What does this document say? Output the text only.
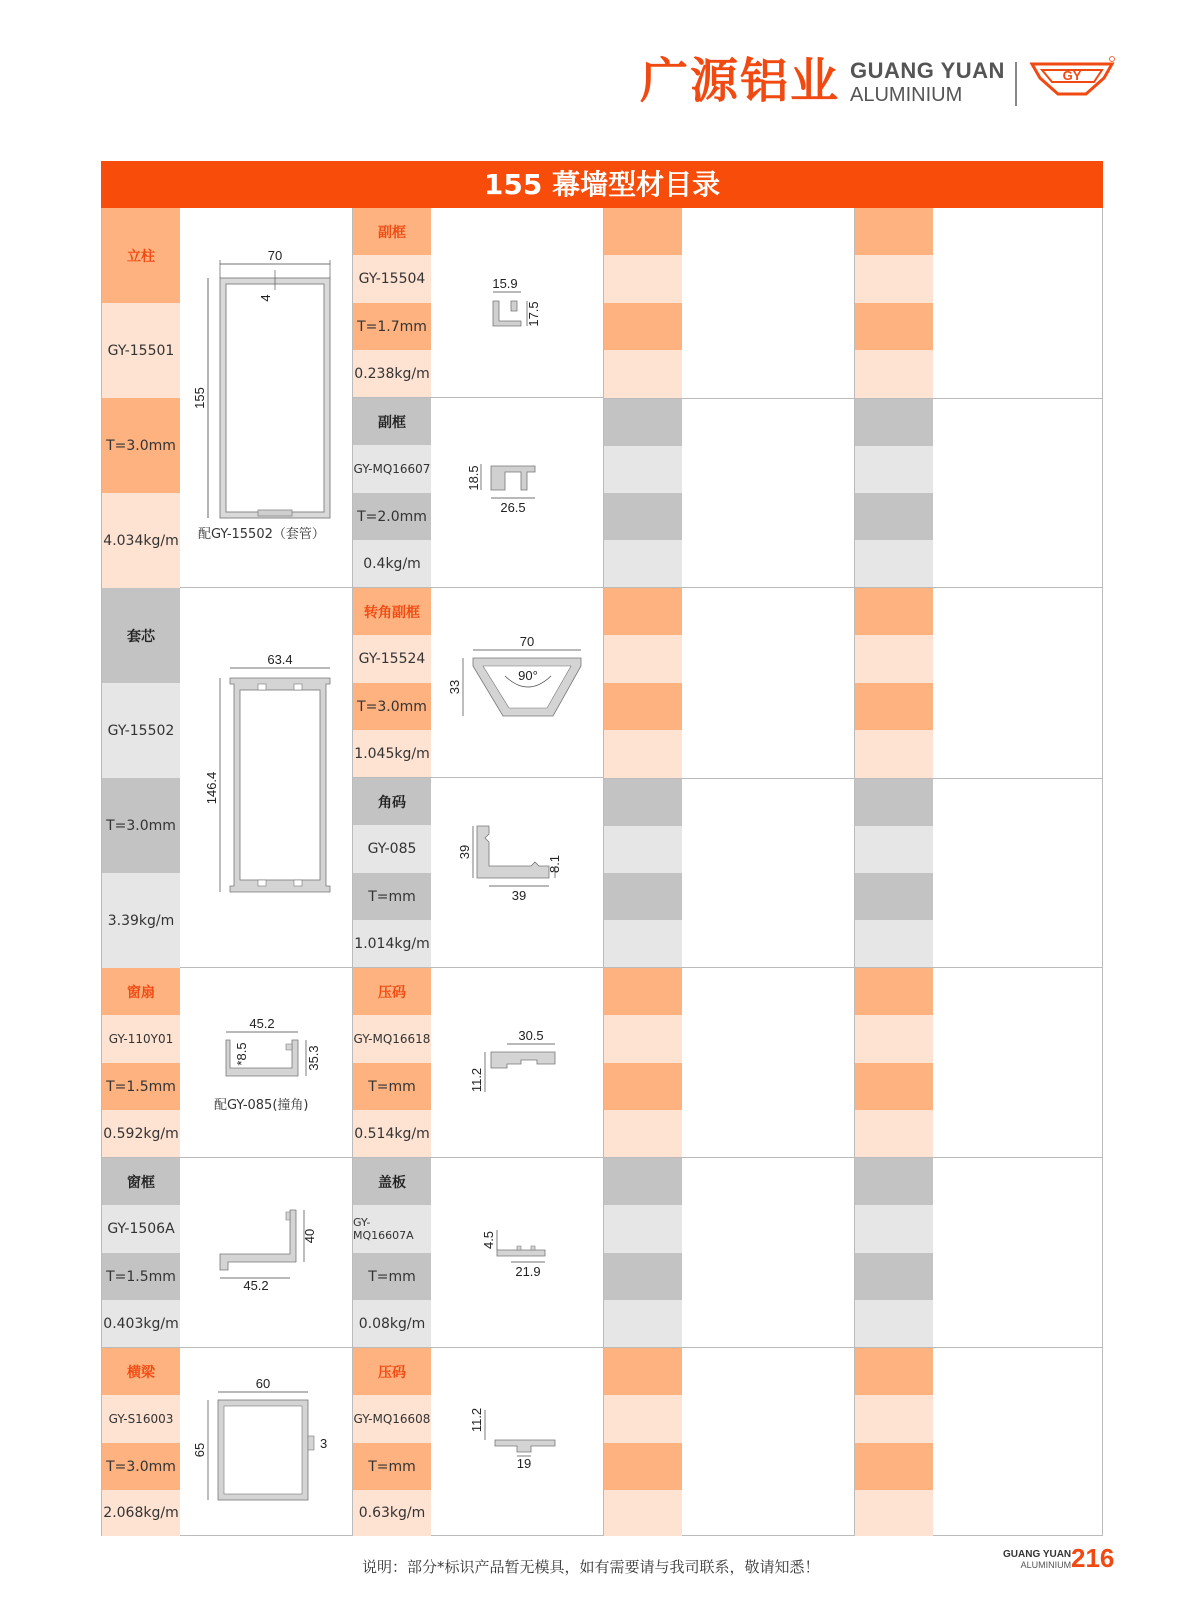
广源铝业 GUANG YUAN
ALUMINIUM
GY
155 幕墙型材目录
立柱
GY-15501
T=3.0mm
4.034kg/m
70
4
155
配GY-15502（套管）
副框
GY-15504
T=1.7mm
0.238kg/m
15.9
17.5
副框
GY-MQ16607
T=2.0mm
0.4kg/m
18.5
26.5
套芯
GY-15502
T=3.0mm
3.39kg/m
63.4
146.4
转角副框
GY-15524
T=3.0mm
1.045kg/m
70
90°
33
角码
GY-085
T=mm
1.014kg/m
39
8.1
39
窗扇
GY-110Y01
T=1.5mm
0.592kg/m
45.2
*8.5	35.3
配GY-085(撞角)
压码
GY-MQ16618
T=mm
0.514kg/m
30.5
11.2
窗框
GY-1506A
T=1.5mm
0.403kg/m
40
45.2
盖板
GY-MQ16607A
T=mm
0.08kg/m
4.5
21.9
横梁
GY-S16003
T=3.0mm
2.068kg/m
60
65	3
压码
GY-MQ16608
T=mm
0.63kg/m
11.2
19
说明：部分*标识产品暂无模具，如有需要请与我司联系，敬请知悉！
GUANG YUAN
ALUMINIUM 216
